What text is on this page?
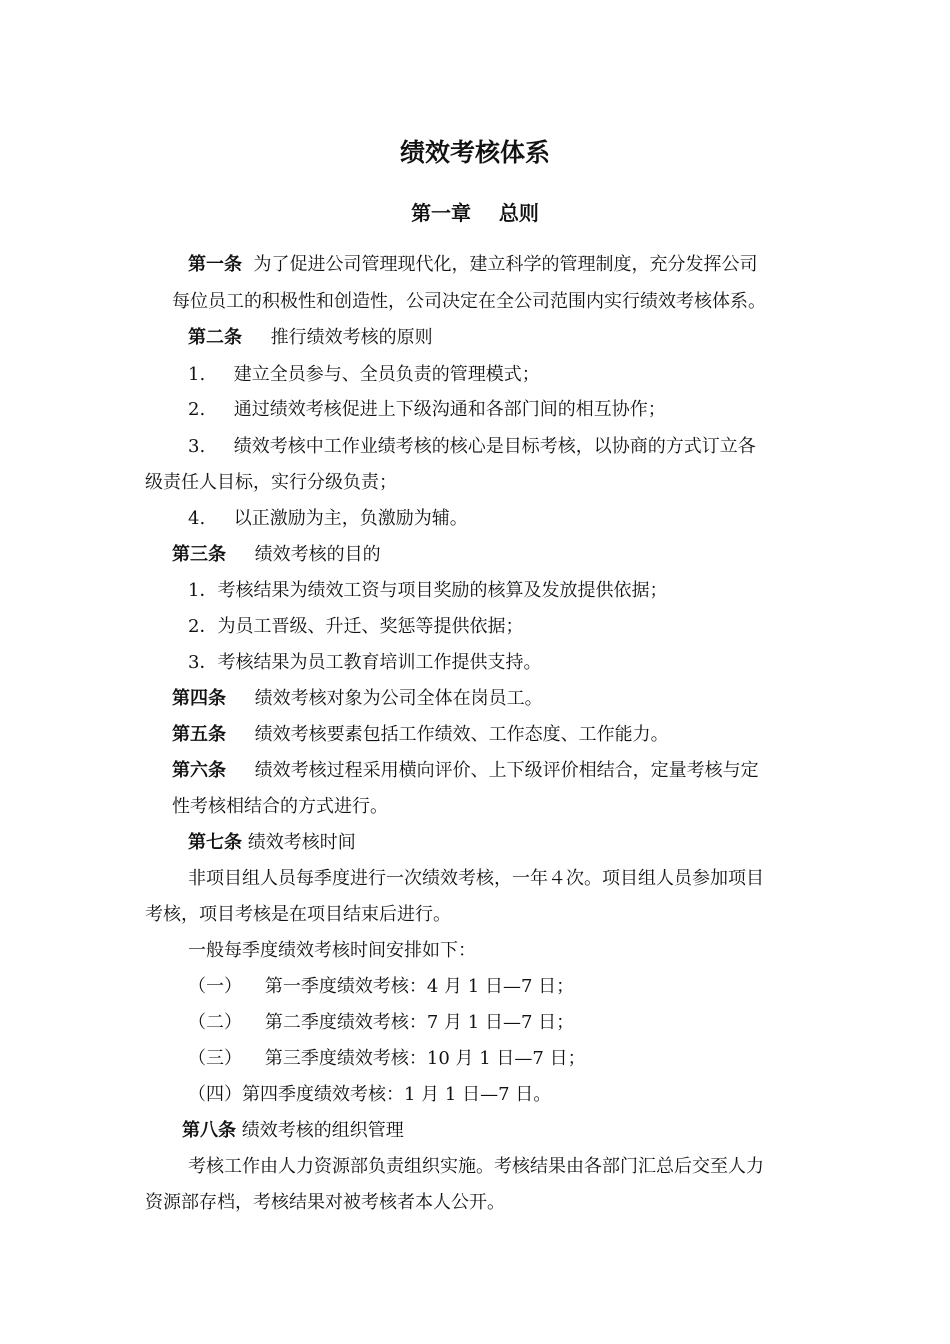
绩效考核体系
第一章    总则
第一条 为了促进公司管理现代化，建立科学的管理制度，充分发挥公司
每位员工的积极性和创造性，公司决定在全公司范围内实行绩效考核体系。
第二条 推行绩效考核的原则
1. 建立全员参与、全员负责的管理模式；
2. 通过绩效考核促进上下级沟通和各部门间的相互协作；
3. 绩效考核中工作业绩考核的核心是目标考核，以协商的方式订立各
级责任人目标，实行分级负责；
4. 以正激励为主，负激励为辅。
第三条 绩效考核的目的
1．考核结果为绩效工资与项目奖励的核算及发放提供依据；
2．为员工晋级、升迁、奖惩等提供依据；
3．考核结果为员工教育培训工作提供支持。
第四条 绩效考核对象为公司全体在岗员工。
第五条 绩效考核要素包括工作绩效、工作态度、工作能力。
第六条 绩效考核过程采用横向评价、上下级评价相结合，定量考核与定
性考核相结合的方式进行。
第七条 绩效考核时间
非项目组人员每季度进行一次绩效考核，一年４次。项目组人员参加项目
考核，项目考核是在项目结束后进行。
一般每季度绩效考核时间安排如下：
（一）    第一季度绩效考核：4 月 1 日—7 日；
（二）    第二季度绩效考核：7 月 1 日—7 日；
（三）    第三季度绩效考核：10 月 1 日—7 日；
（四）第四季度绩效考核：1 月 1 日—7 日。
第八条 绩效考核的组织管理
考核工作由人力资源部负责组织实施。考核结果由各部门汇总后交至人力
资源部存档，考核结果对被考核者本人公开。
